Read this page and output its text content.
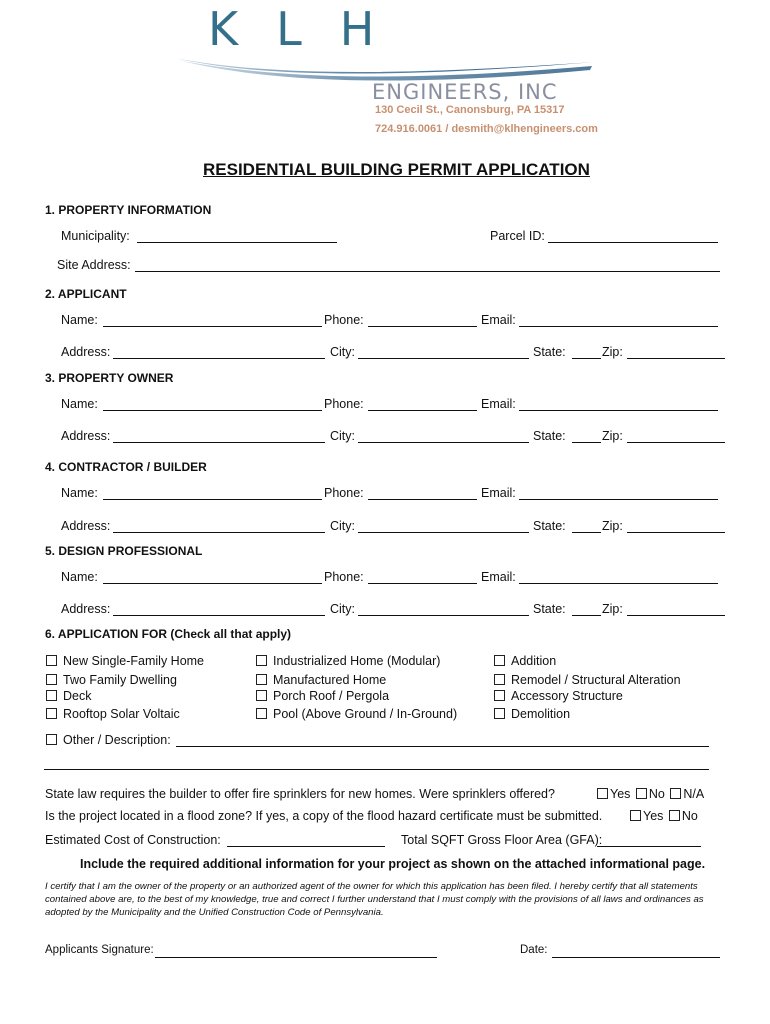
KLH
ENGINEERS, INC
130 Cecil St., Canonsburg, PA 15317
724.916.0061 / desmith@klhengineers.com
RESIDENTIAL BUILDING PERMIT APPLICATION
1. PROPERTY INFORMATION
Municipality:	Parcel ID:
Site Address:
2. APPLICANT
Name:	Phone:	Email:
Address:	City:	State:	Zip:
3. PROPERTY OWNER
Name:	Phone:	Email:
Address:	City:	State:	Zip:
4. CONTRACTOR / BUILDER
Name:	Phone:	Email:
Address:	City:	State:	Zip:
5. DESIGN PROFESSIONAL
Name:	Phone:	Email:
Address:	City:	State:	Zip:
6. APPLICATION FOR (Check all that apply)
New Single-Family Home
Two Family Dwelling
Deck
Rooftop Solar Voltaic
Industrialized Home (Modular)
Manufactured Home
Porch Roof / Pergola
Pool (Above Ground / In-Ground)
Addition
Remodel / Structural Alteration
Accessory Structure
Demolition
Other / Description:
State law requires the builder to offer fire sprinklers for new homes. Were sprinklers offered?	Yes No N/A
Is the project located in a flood zone? If yes, a copy of the flood hazard certificate must be submitted.	Yes No
Estimated Cost of Construction:	Total SQFT Gross Floor Area (GFA):
Include the required additional information for your project as shown on the attached informational page.
I certify that I am the owner of the property or an authorized agent of the owner for which this application has been filed. I hereby certify that all statements contained above are, to the best of my knowledge, true and correct I further understand that I must comply with the provisions of all laws and ordinances as adopted by the Municipality and the Unified Construction Code of Pennsylvania.
Applicants Signature:	Date:
